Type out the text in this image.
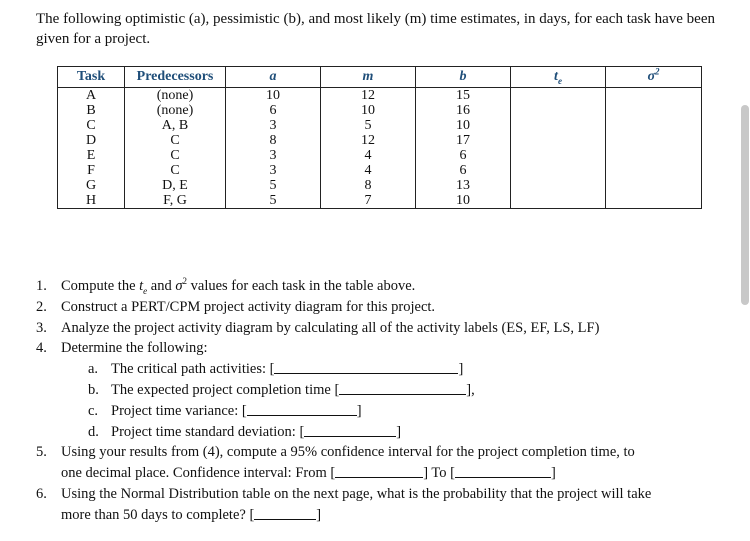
The following optimistic (a), pessimistic (b), and most likely (m) time estimates, in days, for each task have been given for a project.
Task	Predecessors	a	m	b	$t_e$	$\sigma^2$
A	(none)	10	12	15		
B	(none)	6	10	16		
C	A, B	3	5	10		
D	C	8	12	17		
E	C	3	4	6		
F	C	3	4	6		
G	D, E	5	8	13		
H	F, G	5	7	10		
1. Compute the $t_e$ and $\sigma^2$ values for each task in the table above.
2. Construct a PERT/CPM project activity diagram for this project.
3. Analyze the project activity diagram by calculating all of the activity labels (ES, EF, LS, LF)
4. Determine the following:
a. The critical path activities: [	]
b. The expected project completion time [	],
c. Project time variance: [	]
d. Project time standard deviation: [	]
5. Using your results from (4), compute a 95% confidence interval for the project completion time, to
one decimal place. Confidence interval: From [	] To [	]
6. Using the Normal Distribution table on the next page, what is the probability that the project will take
more than 50 days to complete? [	]
